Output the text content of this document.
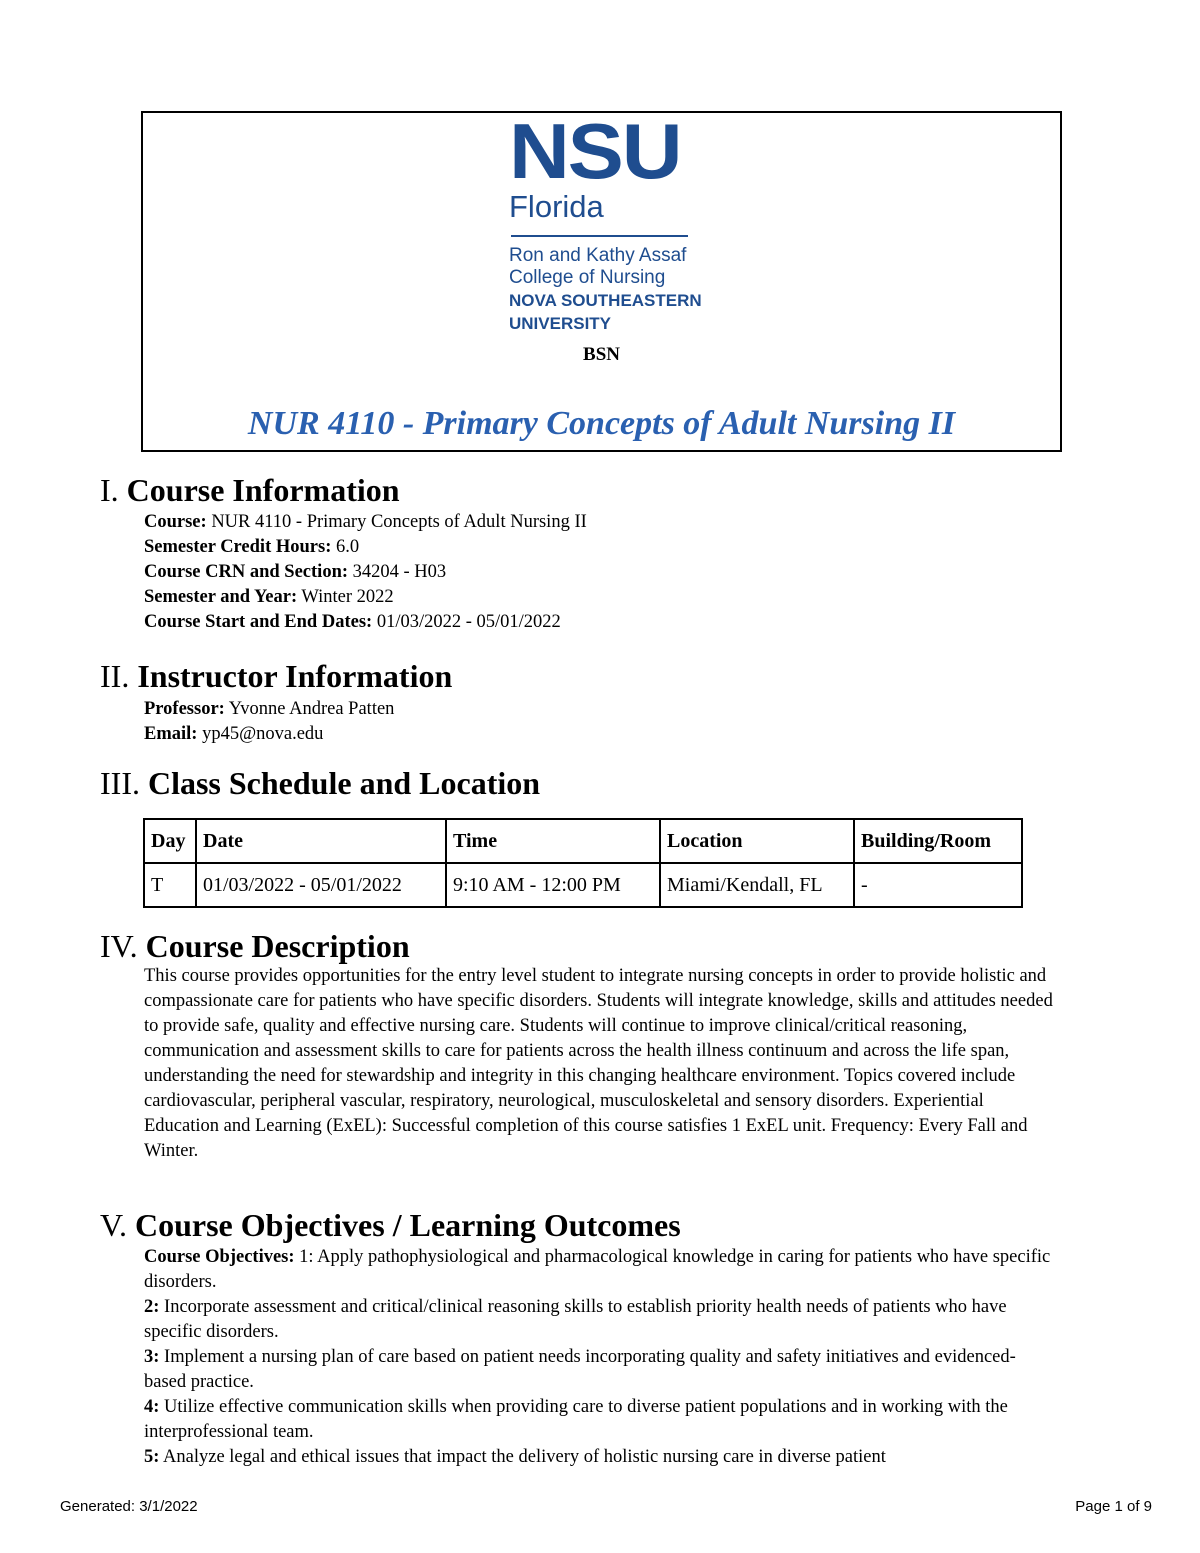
NSU
Florida
Ron and Kathy Assaf
College of Nursing
NOVA SOUTHEASTERN
UNIVERSITY
BSN
NUR 4110 - Primary Concepts of Adult Nursing II
I. Course Information
Course: NUR 4110 - Primary Concepts of Adult Nursing II
Semester Credit Hours: 6.0
Course CRN and Section: 34204 - H03
Semester and Year: Winter 2022
Course Start and End Dates: 01/03/2022 - 05/01/2022
II. Instructor Information
Professor: Yvonne Andrea Patten
Email: yp45@nova.edu
III. Class Schedule and Location
Day	Date	Time	Location	Building/Room
T	01/03/2022 - 05/01/2022	9:10 AM - 12:00 PM	Miami/Kendall, FL	-
IV. Course Description
This course provides opportunities for the entry level student to integrate nursing concepts in order to provide holistic and compassionate care for patients who have specific disorders. Students will integrate knowledge, skills and attitudes needed to provide safe, quality and effective nursing care. Students will continue to improve clinical/critical reasoning, communication and assessment skills to care for patients across the health illness continuum and across the life span, understanding the need for stewardship and integrity in this changing healthcare environment. Topics covered include cardiovascular, peripheral vascular, respiratory, neurological, musculoskeletal and sensory disorders. Experiential Education and Learning (ExEL): Successful completion of this course satisfies 1 ExEL unit. Frequency: Every Fall and Winter.
V. Course Objectives / Learning Outcomes
Course Objectives: 1: Apply pathophysiological and pharmacological knowledge in caring for patients who have specific disorders.
2: Incorporate assessment and critical/clinical reasoning skills to establish priority health needs of patients who have specific disorders.
3: Implement a nursing plan of care based on patient needs incorporating quality and safety initiatives and evidenced-based practice.
4: Utilize effective communication skills when providing care to diverse patient populations and in working with the interprofessional team.
5: Analyze legal and ethical issues that impact the delivery of holistic nursing care in diverse patient
Generated: 3/1/2022	Page 1 of 9
